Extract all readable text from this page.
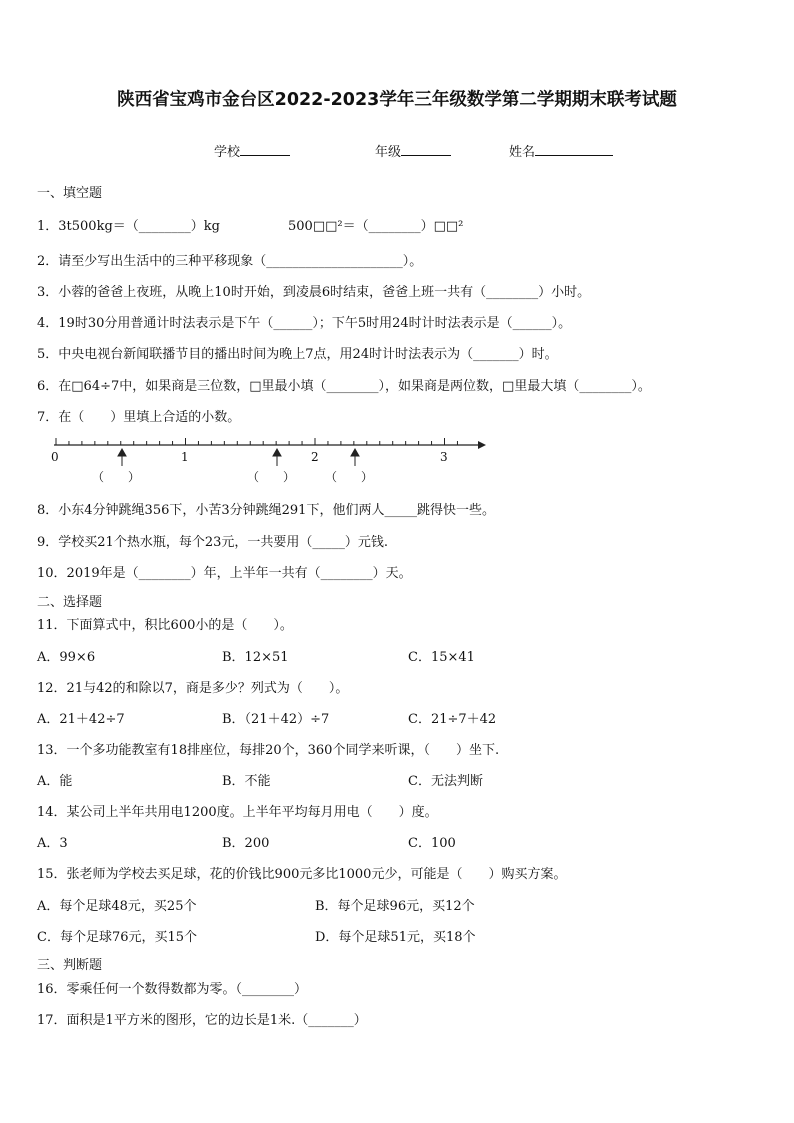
陕西省宝鸡市金台区2022-2023学年三年级数学第二学期期末联考试题
学校	年级	姓名
一、填空题
1．3t500kg＝（________）kg	500□□²＝（________）□□²
2．请至少写出生活中的三种平移现象（_____________________）。
3．小蓉的爸爸上夜班，从晚上10时开始，到凌晨6时结束，爸爸上班一共有（________）小时。
4．19时30分用普通计时法表示是下午（______）；下午5时用24时计时法表示是（______）。
5．中央电视台新闻联播节目的播出时间为晚上7点，用24时计时法表示为（_______）时。
6．在□64÷7中，如果商是三位数，□里最小填（________），如果商是两位数，□里最大填（________）。
7．在（　　）里填上合适的小数。
0	1	2	3
（　　）	（　　） （　　）
8．小东4分钟跳绳356下，小苦3分钟跳绳291下，他们两人_____跳得快一些。
9．学校买21个热水瓶，每个23元，一共要用（_____）元钱.
10．2019年是（________）年，上半年一共有（________）天。
二、选择题
11．下面算式中，积比600小的是（　　）。
A．99×6	B．12×51	C．15×41
12．21与42的和除以7，商是多少？列式为（　　）。
A．21＋42÷7	B．（21＋42）÷7	C．21÷7＋42
13．一个多功能教室有18排座位，每排20个，360个同学来听课，（　　）坐下.
A．能	B．不能	C．无法判断
14．某公司上半年共用电1200度。上半年平均每月用电（　　）度。
A．3	B．200	C．100
15．张老师为学校去买足球，花的价钱比900元多比1000元少，可能是（　　）购买方案。
A．每个足球48元，买25个	B．每个足球96元，买12个
C．每个足球76元，买15个	D．每个足球51元，买18个
三、判断题
16．零乘任何一个数得数都为零。（________）
17．面积是1平方米的图形，它的边长是1米.（_______）
